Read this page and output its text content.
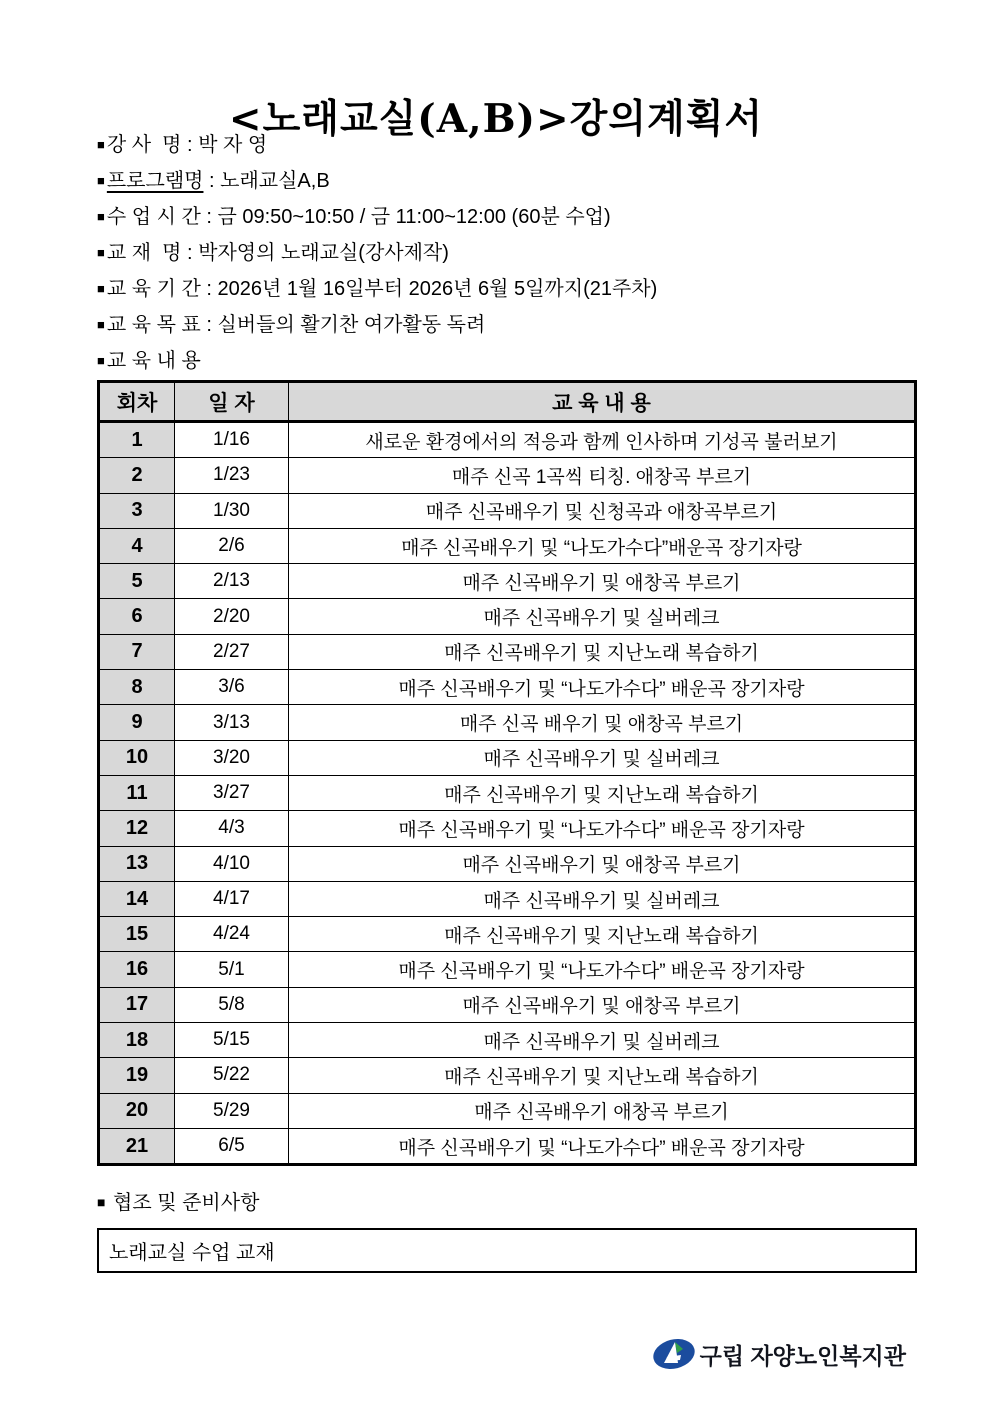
<노래교실(A,B)>강의계획서
■ 강 사  명 : 박 자 영
■ 프로그램명 : 노래교실A,B
■ 수 업 시 간 : 금 09:50~10:50 / 금 11:00~12:00 (60분 수업)
■ 교 재  명 : 박자영의 노래교실(강사제작)
■ 교 육 기 간 : 2026년 1월 16일부터 2026년 6월 5일까지(21주차)
■ 교 육 목 표 : 실버들의 활기찬 여가활동 독려
■ 교 육 내 용
회차	일 자	교 육 내 용
1	1/16	새로운 환경에서의 적응과 함께 인사하며 기성곡 불러보기
2	1/23	매주 신곡 1곡씩 티칭. 애창곡 부르기
3	1/30	매주 신곡배우기 및 신청곡과 애창곡부르기
4	2/6	매주 신곡배우기 및 “나도가수다”배운곡 장기자랑
5	2/13	매주 신곡배우기 및 애창곡 부르기
6	2/20	매주 신곡배우기 및 실버레크
7	2/27	매주 신곡배우기 및 지난노래 복습하기
8	3/6	매주 신곡배우기 및 “나도가수다” 배운곡 장기자랑
9	3/13	매주 신곡 배우기 및 애창곡 부르기
10	3/20	매주 신곡배우기 및 실버레크
11	3/27	매주 신곡배우기 및 지난노래 복습하기
12	4/3	매주 신곡배우기 및 “나도가수다” 배운곡 장기자랑
13	4/10	매주 신곡배우기 및 애창곡 부르기
14	4/17	매주 신곡배우기 및 실버레크
15	4/24	매주 신곡배우기 및 지난노래 복습하기
16	5/1	매주 신곡배우기 및 “나도가수다” 배운곡 장기자랑
17	5/8	매주 신곡배우기 및 애창곡 부르기
18	5/15	매주 신곡배우기 및 실버레크
19	5/22	매주 신곡배우기 및 지난노래 복습하기
20	5/29	매주 신곡배우기 애창곡 부르기
21	6/5	매주 신곡배우기 및 “나도가수다” 배운곡 장기자랑
■ 협조 및 준비사항
노래교실 수업 교재
구립 자양노인복지관
